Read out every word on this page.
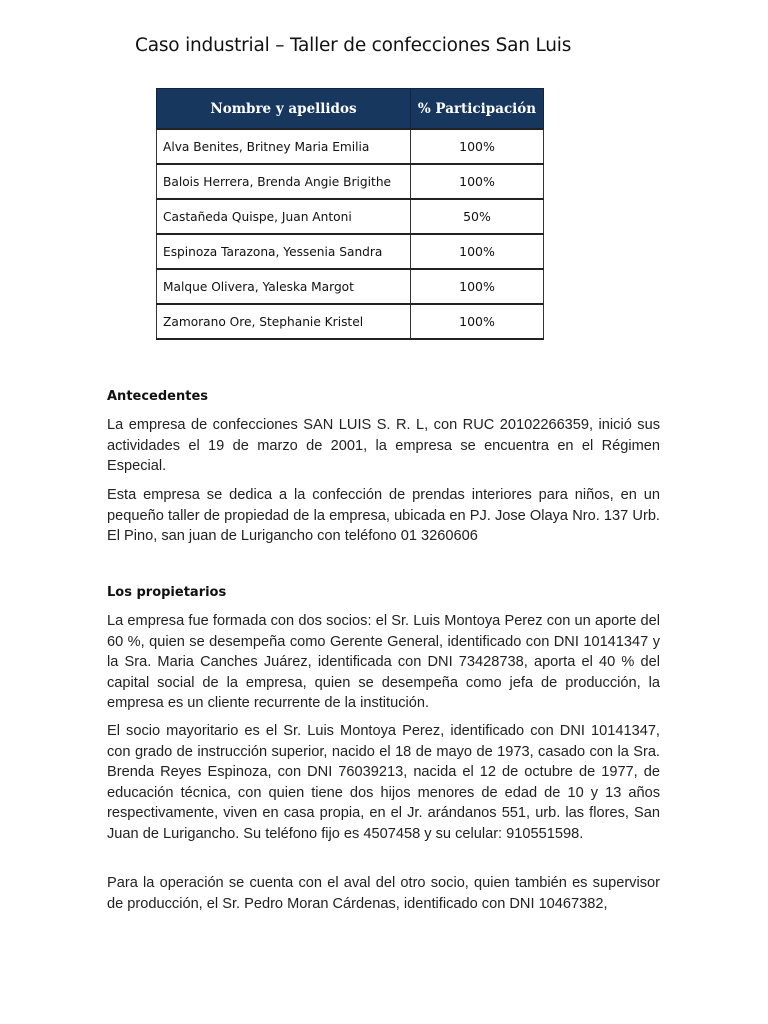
Caso industrial – Taller de confecciones San Luis
Nombre y apellidos	% Participación
Alva Benites, Britney Maria Emilia	100%
Balois Herrera, Brenda Angie Brigithe	100%
Castañeda Quispe, Juan Antoni	50%
Espinoza Tarazona, Yessenia Sandra	100%
Malque Olivera, Yaleska Margot	100%
Zamorano Ore, Stephanie Kristel	100%
Antecedentes

La empresa de confecciones SAN LUIS S. R. L, con RUC 20102266359, inició sus actividades el 19 de marzo de 2001, la empresa se encuentra en el Régimen Especial.

Esta empresa se dedica a la confección de prendas interiores para niños, en un pequeño taller de propiedad de la empresa, ubicada en PJ. Jose Olaya Nro. 137 Urb. El Pino, san juan de Lurigancho con teléfono 01 3260606

Los propietarios

La empresa fue formada con dos socios: el Sr. Luis Montoya Perez con un aporte del 60 %, quien se desempeña como Gerente General, identificado con DNI 10141347 y la Sra. Maria Canches Juárez, identificada con DNI 73428738, aporta el 40 % del capital social de la empresa, quien se desempeña como jefa de producción, la empresa es un cliente recurrente de la institución.

El socio mayoritario es el Sr. Luis Montoya Perez, identificado con DNI 10141347, con grado de instrucción superior, nacido el 18 de mayo de 1973, casado con la Sra. Brenda Reyes Espinoza, con DNI 76039213, nacida el 12 de octubre de 1977, de educación técnica, con quien tiene dos hijos menores de edad de 10 y 13 años respectivamente, viven en casa propia, en el Jr. arándanos 551, urb. las flores, San Juan de Lurigancho. Su teléfono fijo es 4507458 y su celular: 910551598.

Para la operación se cuenta con el aval del otro socio, quien también es supervisor de producción, el Sr. Pedro Moran Cárdenas, identificado con DNI 10467382,
